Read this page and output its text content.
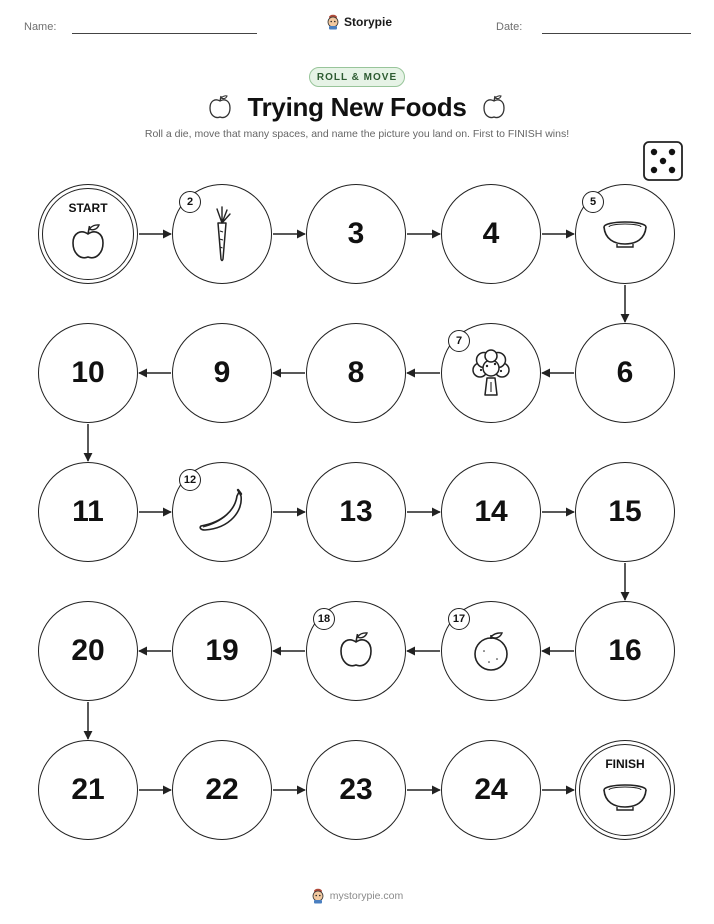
Name:	Storypie	Date:
ROLL & MOVE
Trying New Foods
Roll a die, move that many spaces, and name the picture you land on. First to FINISH wins!
START	2
3	4
5
6
7
8
9
10
11
12
13	14	15
16
17
18
19
20
21	22	23	24
FINISH
mystorypie.com
